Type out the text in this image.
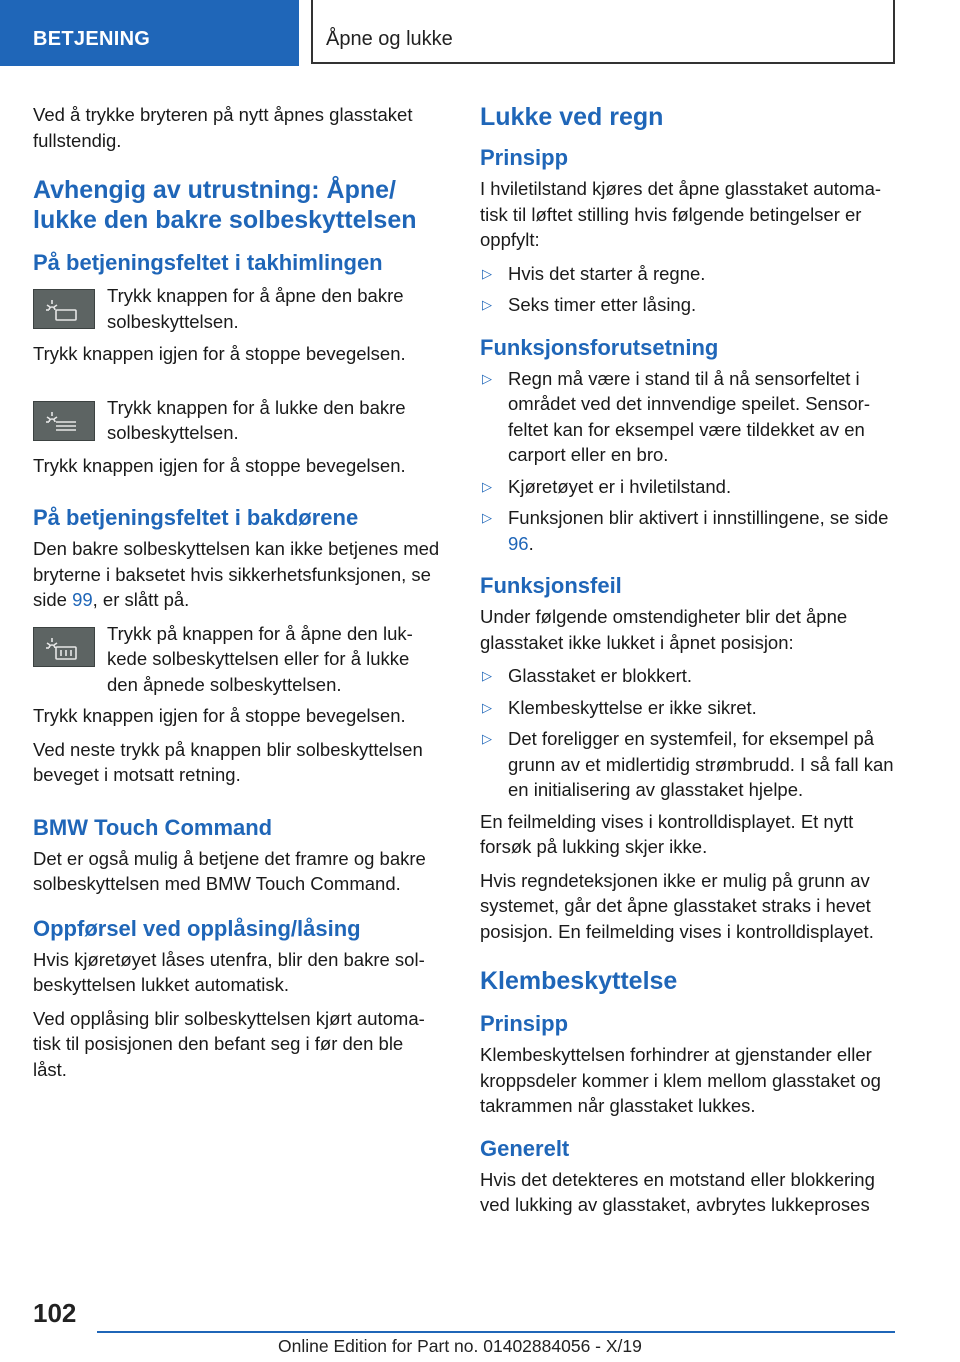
BETJENING	Åpne og lukke

Ved å trykke bryteren på nytt åpnes glasstaket fullstendig.

Avhengig av utrustning: Åpne/ lukke den bakre solbeskyttelsen
På betjeningsfeltet i takhimlingen

Trykk knappen for å åpne den bakre solbeskyttelsen.

Trykk knappen igjen for å stoppe bevegelsen.

Trykk knappen for å lukke den bakre solbeskyttelsen.

Trykk knappen igjen for å stoppe bevegelsen.

På betjeningsfeltet i bakdørene

Den bakre solbeskyttelsen kan ikke betjenes med bryterne i baksetet hvis sikkerhetsfunksjonen, se side 99, er slått på.

Trykk på knappen for å åpne den lukkede solbeskyttelsen eller for å lukke den åpnede solbeskyttelsen.

Trykk knappen igjen for å stoppe bevegelsen.

Ved neste trykk på knappen blir solbeskyttelsen beveget i motsatt retning.

BMW Touch Command

Det er også mulig å betjene det framre og bakre solbeskyttelsen med BMW Touch Command.

Oppførsel ved opplåsing/låsing

Hvis kjøretøyet låses utenfra, blir den bakre solbeskyttelsen lukket automatisk.

Ved opplåsing blir solbeskyttelsen kjørt automatisk til posisjonen den befant seg i før den ble låst.

Lukke ved regn
Prinsipp

I hviletilstand kjøres det åpne glasstaket automatisk til løftet stilling hvis følgende betingelser er oppfylt:

▷ Hvis det starter å regne.
▷ Seks timer etter låsing.
Funksjonsforutsetning
▷ Regn må være i stand til å nå sensorfeltet i området ved det innvendige speilet. Sensorfeltet kan for eksempel være tildekket av en carport eller en bro.
▷ Kjøretøyet er i hviletilstand.
▷ Funksjonen blir aktivert i innstillingene, se side 96.
Funksjonsfeil

Under følgende omstendigheter blir det åpne glasstaket ikke lukket i åpnet posisjon:

▷ Glasstaket er blokkert.
▷ Klembeskyttelse er ikke sikret.
▷ Det foreligger en systemfeil, for eksempel på grunn av et midlertidig strømbrudd. I så fall kan en initialisering av glasstaket hjelpe.

En feilmelding vises i kontrolldisplayet. Et nytt forsøk på lukking skjer ikke.

Hvis regndeteksjonen ikke er mulig på grunn av systemet, går det åpne glasstaket straks i hevet posisjon. En feilmelding vises i kontrolldisplayet.

Klembeskyttelse
Prinsipp

Klembeskyttelsen forhindrer at gjenstander eller kroppsdeler kommer i klem mellom glasstaket og takrammen når glasstaket lukkes.

Generelt

Hvis det detekteres en motstand eller blokkering ved lukking av glasstaket, avbrytes lukkeproses

102
Online Edition for Part no. 01402884056 - X/19
